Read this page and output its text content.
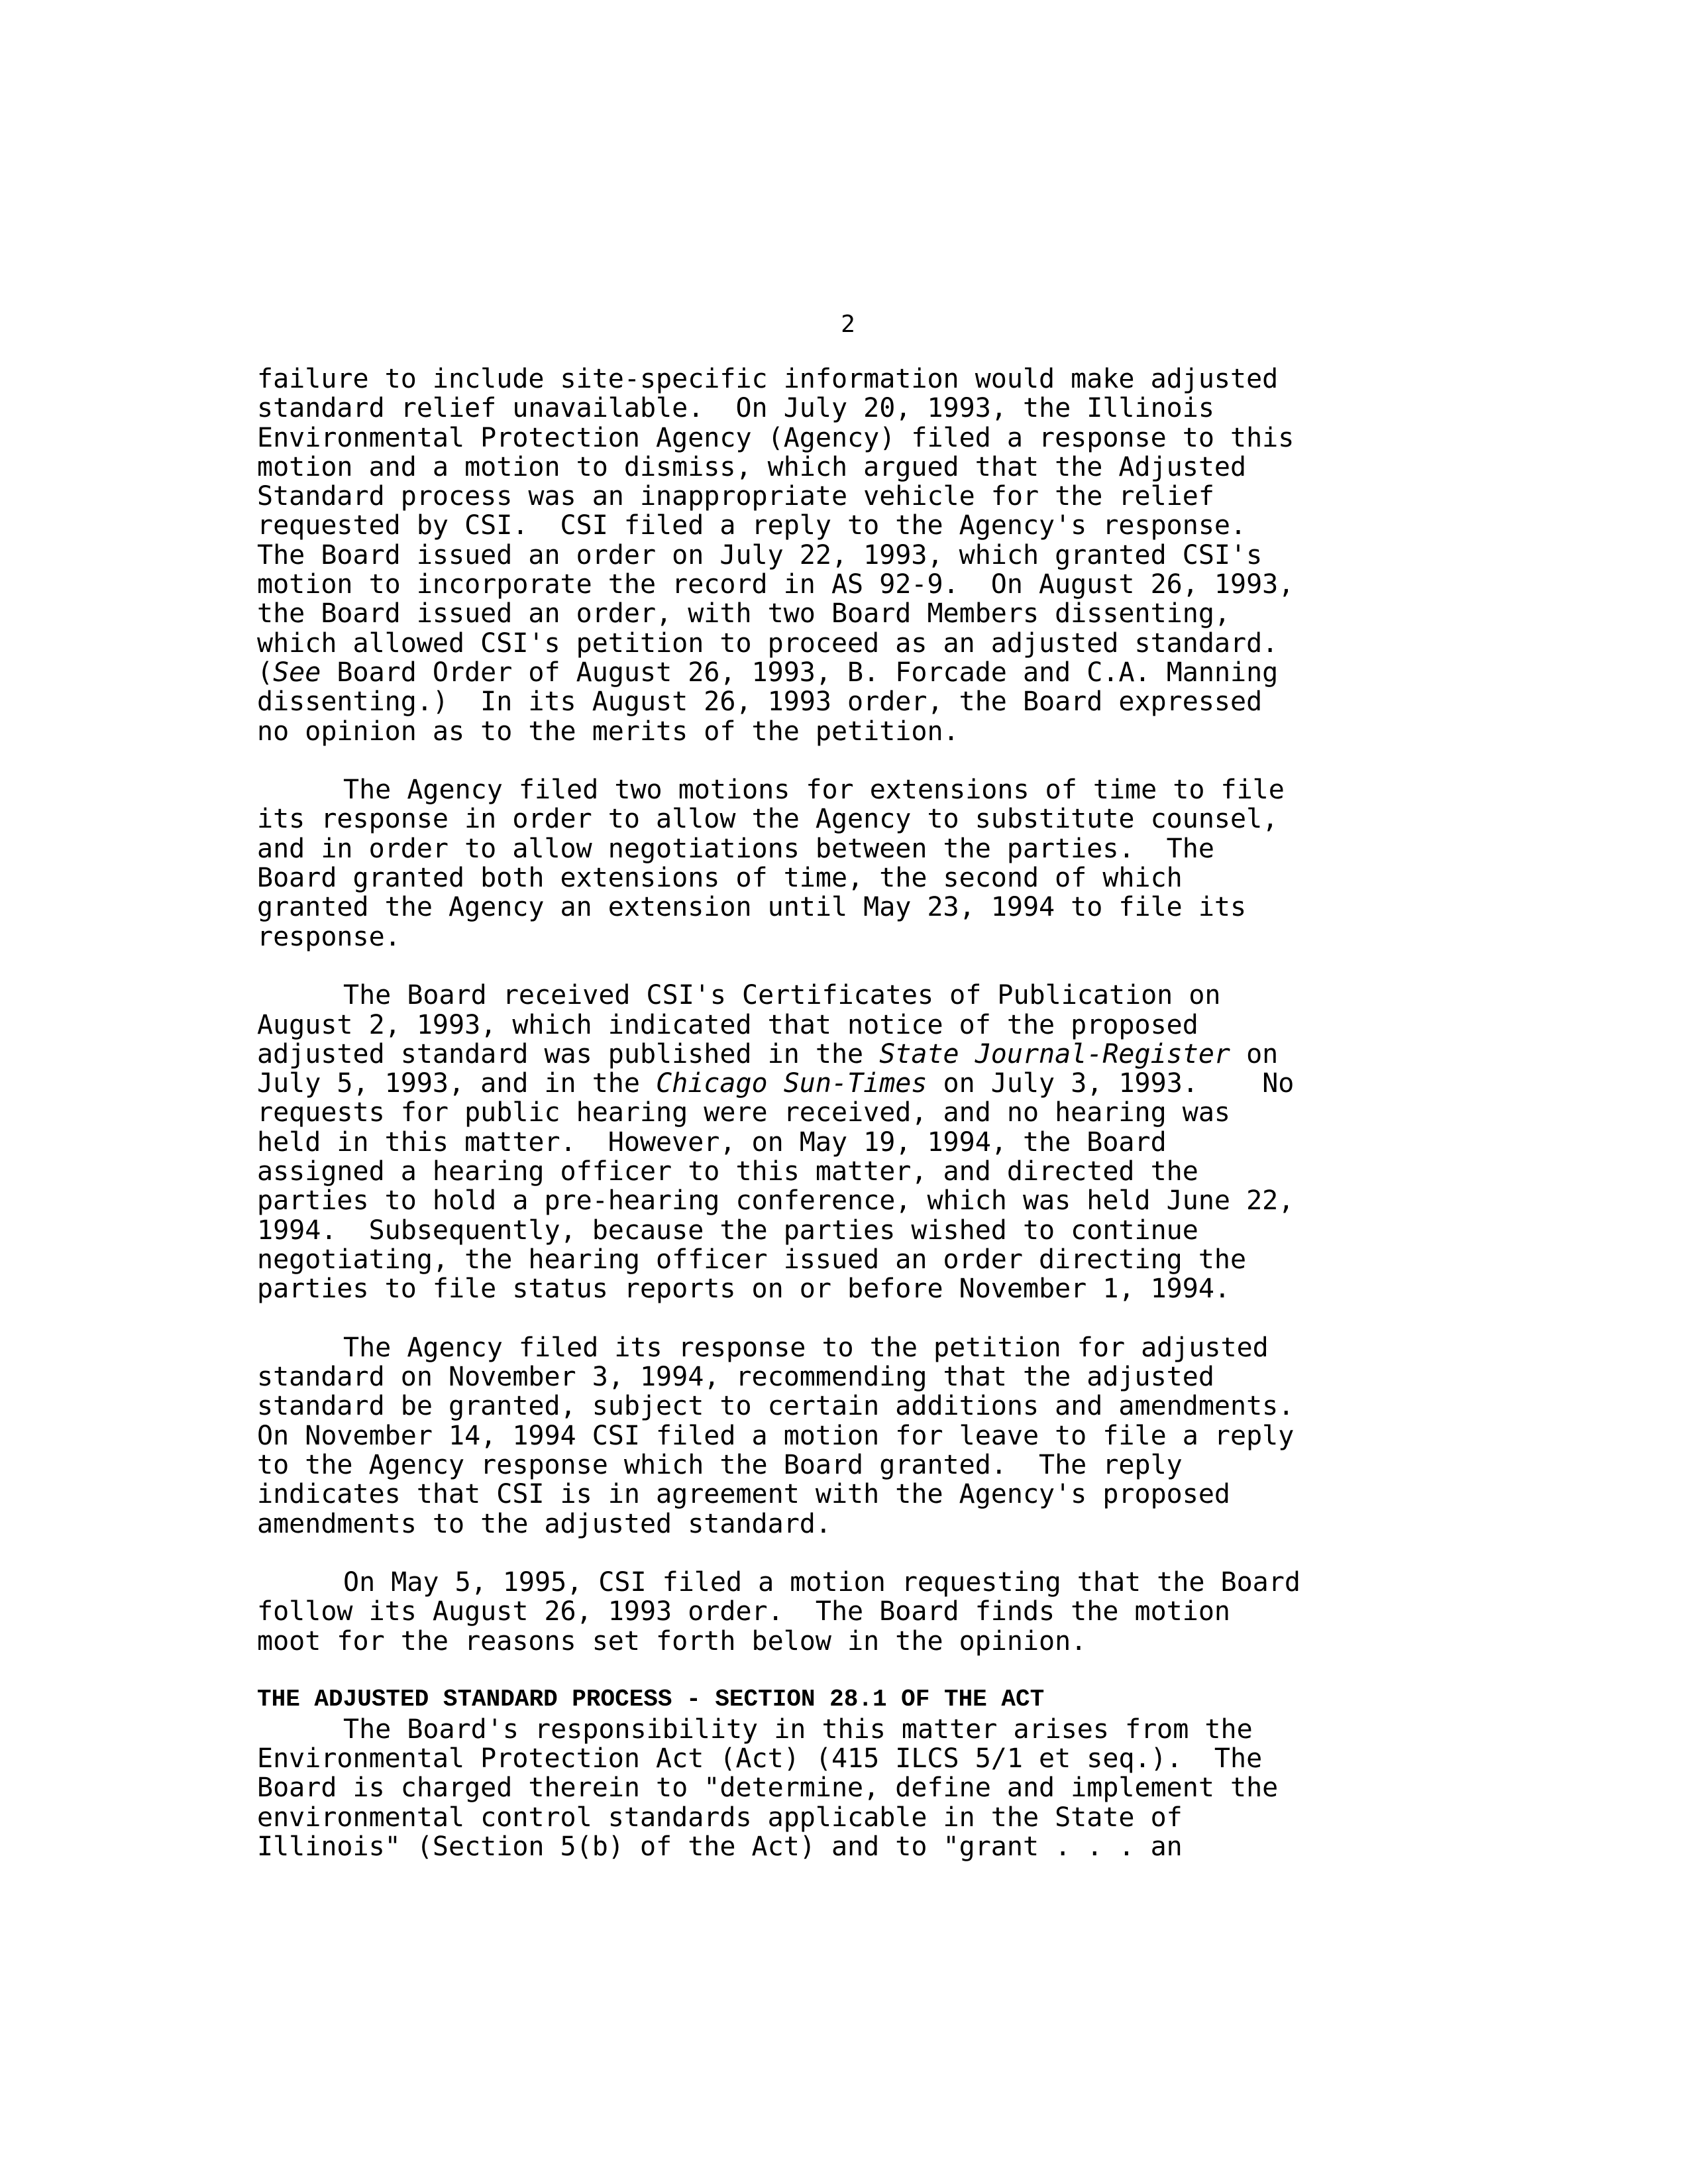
2

failure to include site-specific information would make adjusted
standard relief unavailable.  On July 20, 1993, the Illinois
Environmental Protection Agency (Agency) filed a response to this
motion and a motion to dismiss, which argued that the Adjusted
Standard process was an inappropriate vehicle for the relief
requested by CSI.  CSI filed a reply to the Agency's response.
The Board issued an order on July 22, 1993, which granted CSI's
motion to incorporate the record in AS 92-9.  On August 26, 1993,
the Board issued an order, with two Board Members dissenting,
which allowed CSI's petition to proceed as an adjusted standard.
(See Board Order of August 26, 1993, B. Forcade and C.A. Manning
dissenting.)  In its August 26, 1993 order, the Board expressed
no opinion as to the merits of the petition.

The Agency filed two motions for extensions of time to file
its response in order to allow the Agency to substitute counsel,
and in order to allow negotiations between the parties.  The
Board granted both extensions of time, the second of which
granted the Agency an extension until May 23, 1994 to file its
response.

The Board received CSI's Certificates of Publication on
August 2, 1993, which indicated that notice of the proposed
adjusted standard was published in the State Journal-Register on
July 5, 1993, and in the Chicago Sun-Times on July 3, 1993.    No
requests for public hearing were received, and no hearing was
held in this matter.  However, on May 19, 1994, the Board
assigned a hearing officer to this matter, and directed the
parties to hold a pre-hearing conference, which was held June 22,
1994.  Subsequently, because the parties wished to continue
negotiating, the hearing officer issued an order directing the
parties to file status reports on or before November 1, 1994.

The Agency filed its response to the petition for adjusted
standard on November 3, 1994, recommending that the adjusted
standard be granted, subject to certain additions and amendments.
On November 14, 1994 CSI filed a motion for leave to file a reply
to the Agency response which the Board granted.  The reply
indicates that CSI is in agreement with the Agency's proposed
amendments to the adjusted standard.

On May 5, 1995, CSI filed a motion requesting that the Board
follow its August 26, 1993 order.  The Board finds the motion
moot for the reasons set forth below in the opinion.

THE ADJUSTED STANDARD PROCESS - SECTION 28.1 OF THE ACT

The Board's responsibility in this matter arises from the
Environmental Protection Act (Act) (415 ILCS 5/1 et seq.).  The
Board is charged therein to "determine, define and implement the
environmental control standards applicable in the State of
Illinois" (Section 5(b) of the Act) and to "grant . . . an
